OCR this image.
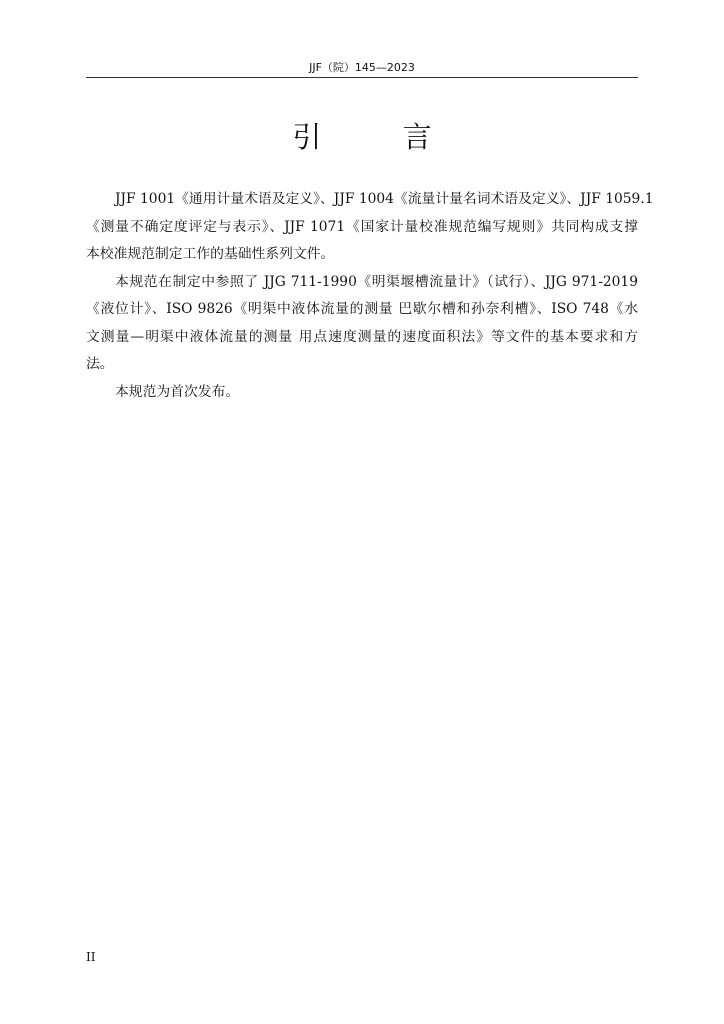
JJF（院）145—2023
引 言
JJF 1001《通用计量术语及定义》、JJF 1004《流量计量名词术语及定义》、JJF 1059.1
《测量不确定度评定与表示》、JJF 1071《国家计量校准规范编写规则》共同构成支撑
本校准规范制定工作的基础性系列文件。
本规范在制定中参照了 JJG 711-1990《明渠堰槽流量计》（试行）、JJG 971-2019
《液位计》、ISO 9826《明渠中液体流量的测量 巴歇尔槽和孙奈利槽》、ISO 748《水
文测量—明渠中液体流量的测量 用点速度测量的速度面积法》等文件的基本要求和方
法。
本规范为首次发布。
II
